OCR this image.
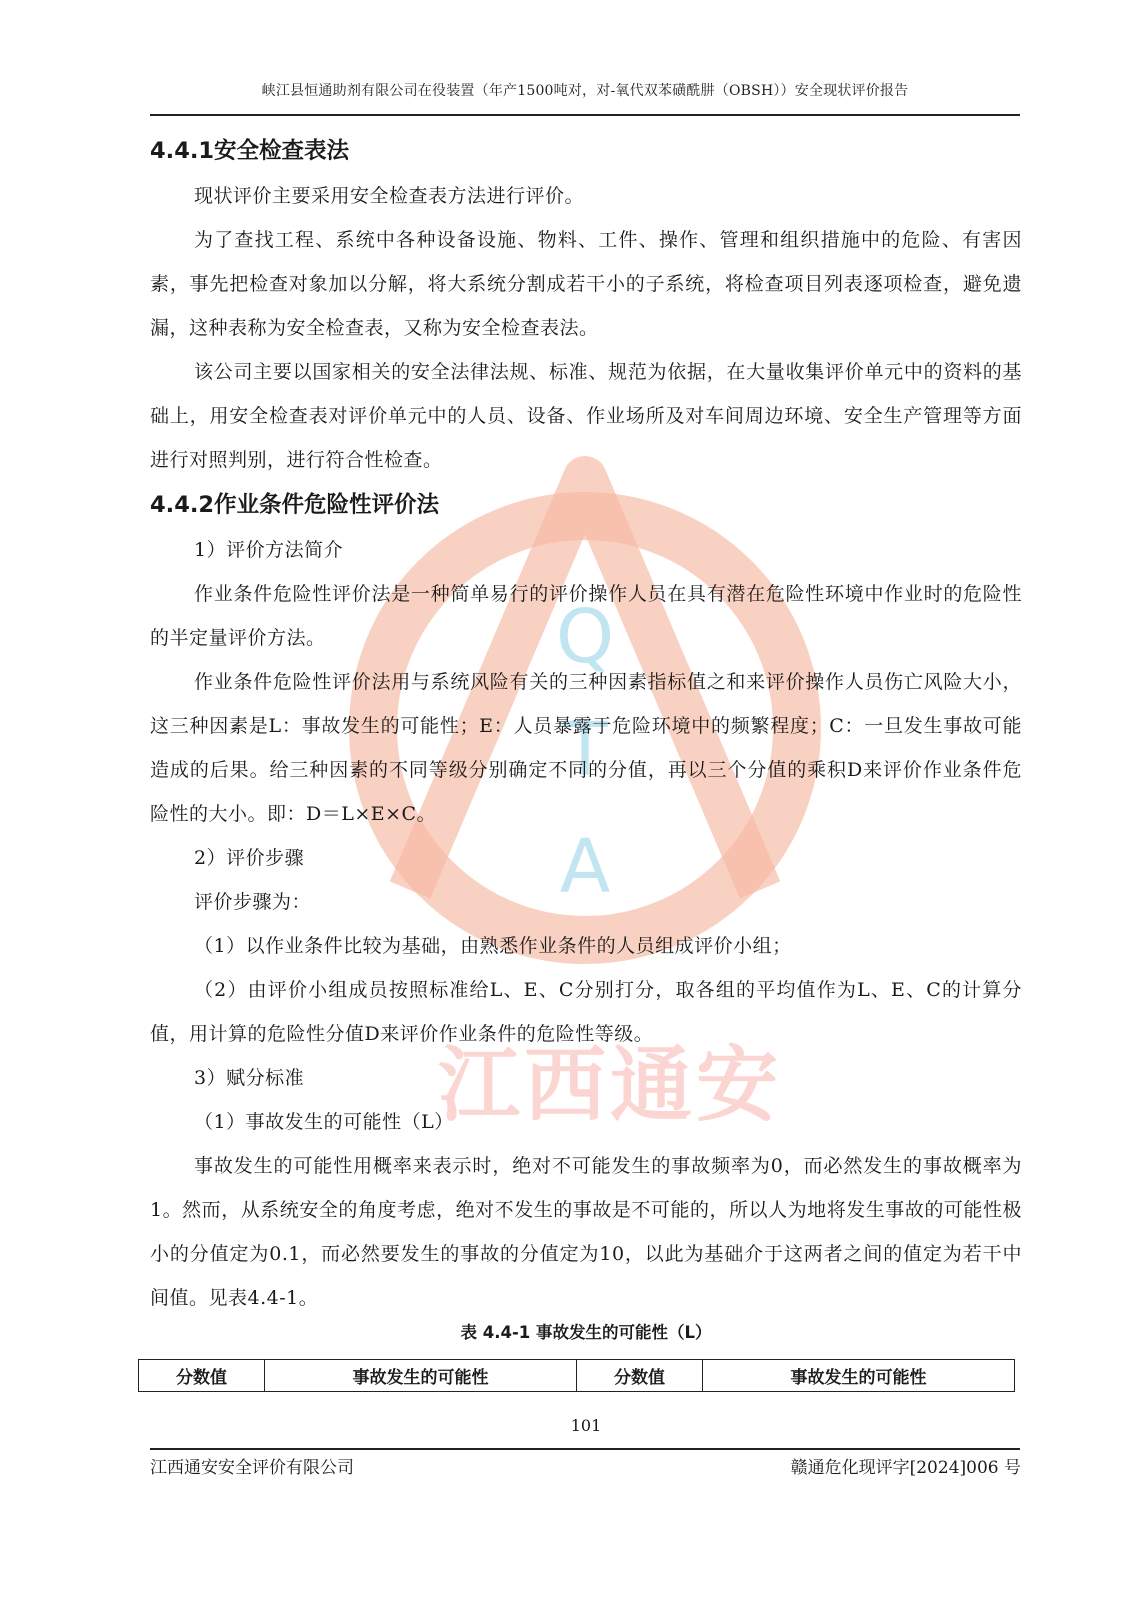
Q
T
A
江西通安
峡江县恒通助剂有限公司在役装置（年产1500吨对，对-氧代双苯磺酰肼（OBSH））安全现状评价报告
4.4.1安全检查表法

现状评价主要采用安全检查表方法进行评价。

为了查找工程、系统中各种设备设施、物料、工件、操作、管理和组织措施中的危险、有害因素，事先把检查对象加以分解，将大系统分割成若干小的子系统，将检查项目列表逐项检查，避免遗漏，这种表称为安全检查表，又称为安全检查表法。

该公司主要以国家相关的安全法律法规、标准、规范为依据，在大量收集评价单元中的资料的基础上，用安全检查表对评价单元中的人员、设备、作业场所及对车间周边环境、安全生产管理等方面进行对照判别，进行符合性检查。

4.4.2作业条件危险性评价法

1）评价方法简介

作业条件危险性评价法是一种简单易行的评价操作人员在具有潜在危险性环境中作业时的危险性的半定量评价方法。

作业条件危险性评价法用与系统风险有关的三种因素指标值之和来评价操作人员伤亡风险大小，这三种因素是L：事故发生的可能性；E：人员暴露于危险环境中的频繁程度；C：一旦发生事故可能造成的后果。给三种因素的不同等级分别确定不同的分值，再以三个分值的乘积D来评价作业条件危险性的大小。即：D＝L×E×C。

2）评价步骤

评价步骤为：

（1）以作业条件比较为基础，由熟悉作业条件的人员组成评价小组；

（2）由评价小组成员按照标准给L、E、C分别打分，取各组的平均值作为L、E、C的计算分值，用计算的危险性分值D来评价作业条件的危险性等级。

3）赋分标准

（1）事故发生的可能性（L）

事故发生的可能性用概率来表示时，绝对不可能发生的事故频率为0，而必然发生的事故概率为1。然而，从系统安全的角度考虑，绝对不发生的事故是不可能的，所以人为地将发生事故的可能性极小的分值定为0.1，而必然要发生的事故的分值定为10，以此为基础介于这两者之间的值定为若干中间值。见表4.4-1。

表 4.4-1 事故发生的可能性（L）
分数值	事故发生的可能性	分数值	事故发生的可能性
101
江西通安安全评价有限公司	赣通危化现评字[2024]006 号
